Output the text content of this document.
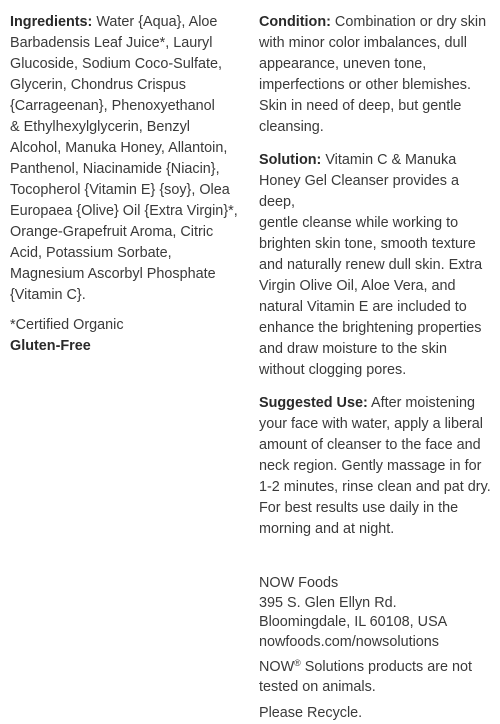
Ingredients: Water {Aqua}, Aloe
Barbadensis Leaf Juice*, Lauryl
Glucoside, Sodium Coco-Sulfate,
Glycerin, Chondrus Crispus
{Carrageenan}, Phenoxyethanol
& Ethylhexylglycerin, Benzyl
Alcohol, Manuka Honey, Allantoin,
Panthenol, Niacinamide {Niacin},
Tocopherol {Vitamin E} {soy}, Olea
Europaea {Olive} Oil {Extra Virgin}*,
Orange-Grapefruit Aroma, Citric
Acid, Potassium Sorbate,
Magnesium Ascorbyl Phosphate
{Vitamin C}.

*Certified Organic

Gluten-Free

Condition: Combination or dry skin
with minor color imbalances, dull
appearance, uneven tone,
imperfections or other blemishes.
Skin in need of deep, but gentle
cleansing.

Solution: Vitamin C & Manuka
Honey Gel Cleanser provides a deep,
gentle cleanse while working to
brighten skin tone, smooth texture
and naturally renew dull skin. Extra
Virgin Olive Oil, Aloe Vera, and
natural Vitamin E are included to
enhance the brightening properties
and draw moisture to the skin
without clogging pores.

Suggested Use: After moistening
your face with water, apply a liberal
amount of cleanser to the face and
neck region. Gently massage in for
1-2 minutes, rinse clean and pat dry.
For best results use daily in the
morning and at night.

NOW Foods
395 S. Glen Ellyn Rd.
Bloomingdale, IL 60108, USA
nowfoods.com/nowsolutions

NOW® Solutions products are not
tested on animals.

Please Recycle.
